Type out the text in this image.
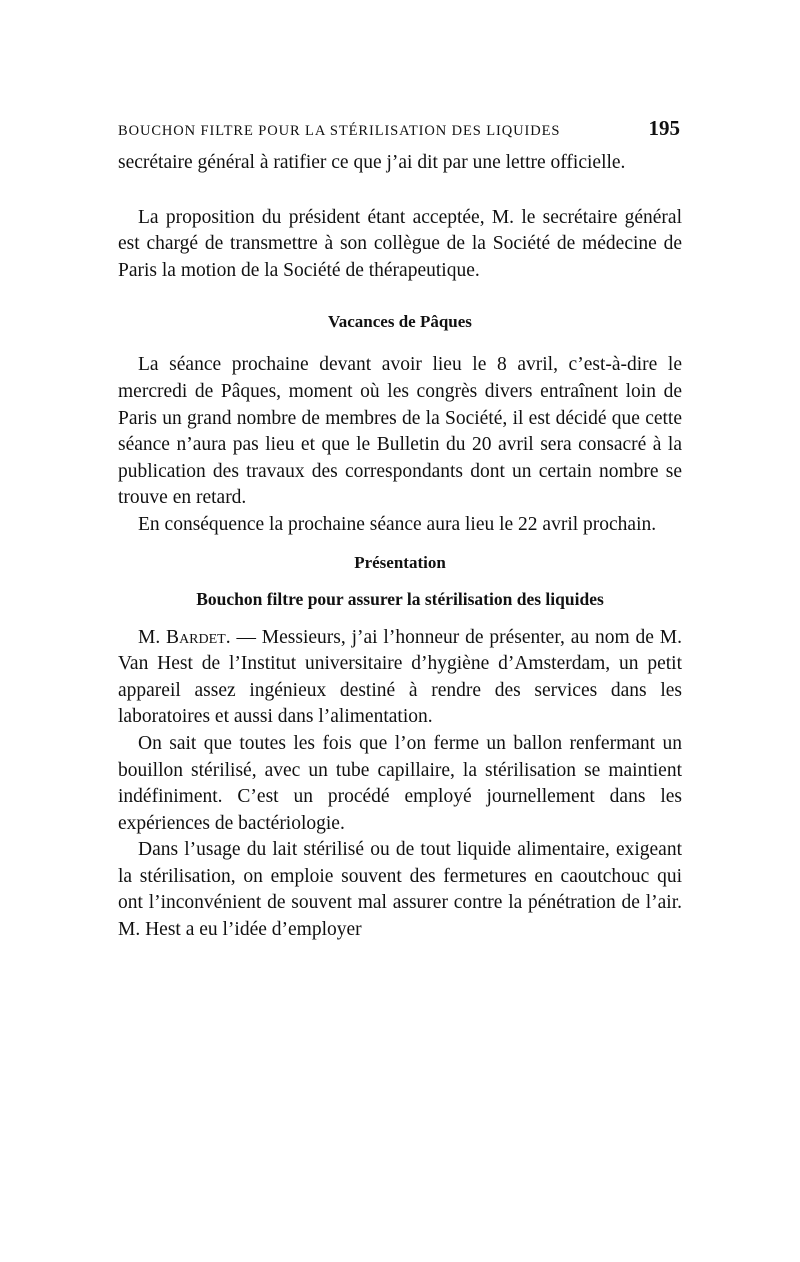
BOUCHON FILTRE POUR LA STÉRILISATION DES LIQUIDES	195

secrétaire général à ratifier ce que j’ai dit par une lettre officielle.

La proposition du président étant acceptée, M. le secrétaire général est chargé de transmettre à son collègue de la Société de médecine de Paris la motion de la Société de thérapeutique.

Vacances de Pâques

La séance prochaine devant avoir lieu le 8 avril, c’est-à-dire le mercredi de Pâques, moment où les congrès divers entraînent loin de Paris un grand nombre de membres de la Société, il est décidé que cette séance n’aura pas lieu et que le Bulletin du 20 avril sera consacré à la publication des travaux des correspondants dont un certain nombre se trouve en retard.

En conséquence la prochaine séance aura lieu le 22 avril prochain.

Présentation
Bouchon filtre pour assurer la stérilisation des liquides

M. Bardet. — Messieurs, j’ai l’honneur de présenter, au nom de M. Van Hest de l’Institut universitaire d’hygiène d’Amsterdam, un petit appareil assez ingénieux destiné à rendre des services dans les laboratoires et aussi dans l’alimentation.

On sait que toutes les fois que l’on ferme un ballon renfermant un bouillon stérilisé, avec un tube capillaire, la stérilisation se maintient indéfiniment. C’est un procédé employé journellement dans les expériences de bactériologie.

Dans l’usage du lait stérilisé ou de tout liquide alimentaire, exigeant la stérilisation, on emploie souvent des fermetures en caoutchouc qui ont l’inconvénient de souvent mal assurer contre la pénétration de l’air. M. Hest a eu l’idée d’employer
